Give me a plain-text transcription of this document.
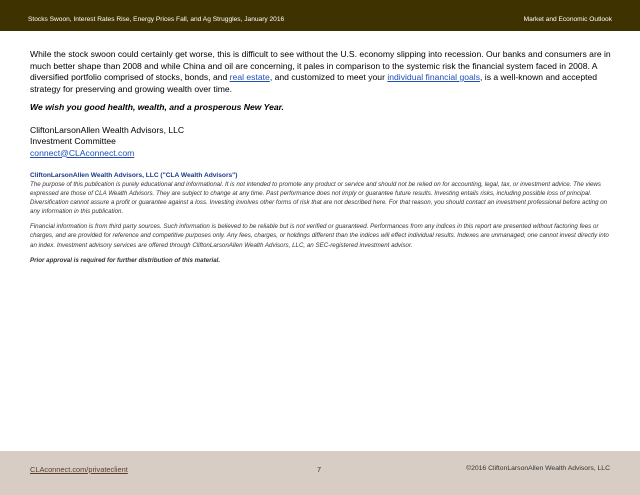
Stocks Swoon, Interest Rates Rise, Energy Prices Fall, and Ag Struggles, January 2016	Market and Economic Outlook

While the stock swoon could certainly get worse, this is difficult to see without the U.S. economy slipping into recession. Our banks and consumers are in much better shape than 2008 and while China and oil are concerning, it pales in comparison to the systemic risk the financial system faced in 2008. A diversified portfolio comprised of stocks, bonds, and real estate, and customized to meet your individual financial goals, is a well-known and accepted strategy for preserving and growing wealth over time.

We wish you good health, wealth, and a prosperous New Year.

CliftonLarsonAllen Wealth Advisors, LLC
Investment Committee
connect@CLAconnect.com
CliftonLarsonAllen Wealth Advisors, LLC ("CLA Wealth Advisors")

The purpose of this publication is purely educational and informational. It is not intended to promote any product or service and should not be relied on for accounting, legal, tax, or investment advice. The views expressed are those of CLA Wealth Advisors. They are subject to change at any time. Past performance does not imply or guarantee future results. Investing entails risks, including possible loss of principal. Diversification cannot assure a profit or guarantee against a loss. Investing involves other forms of risk that are not described here. For that reason, you should contact an investment professional before acting on any information in this publication.

Financial information is from third party sources. Such information is believed to be reliable but is not verified or guaranteed. Performances from any indices in this report are presented without factoring fees or charges, and are provided for reference and competitive purposes only. Any fees, charges, or holdings different than the indices will effect individual results. Indexes are unmanaged; one cannot invest directly into an index. Investment advisory services are offered through CliftonLarsonAllen Wealth Advisors, LLC, an SEC-registered investment advisor.

Prior approval is required for further distribution of this material.
CLAconnect.com/privateclient	7	©2016 CliftonLarsonAllen Wealth Advisors, LLC
